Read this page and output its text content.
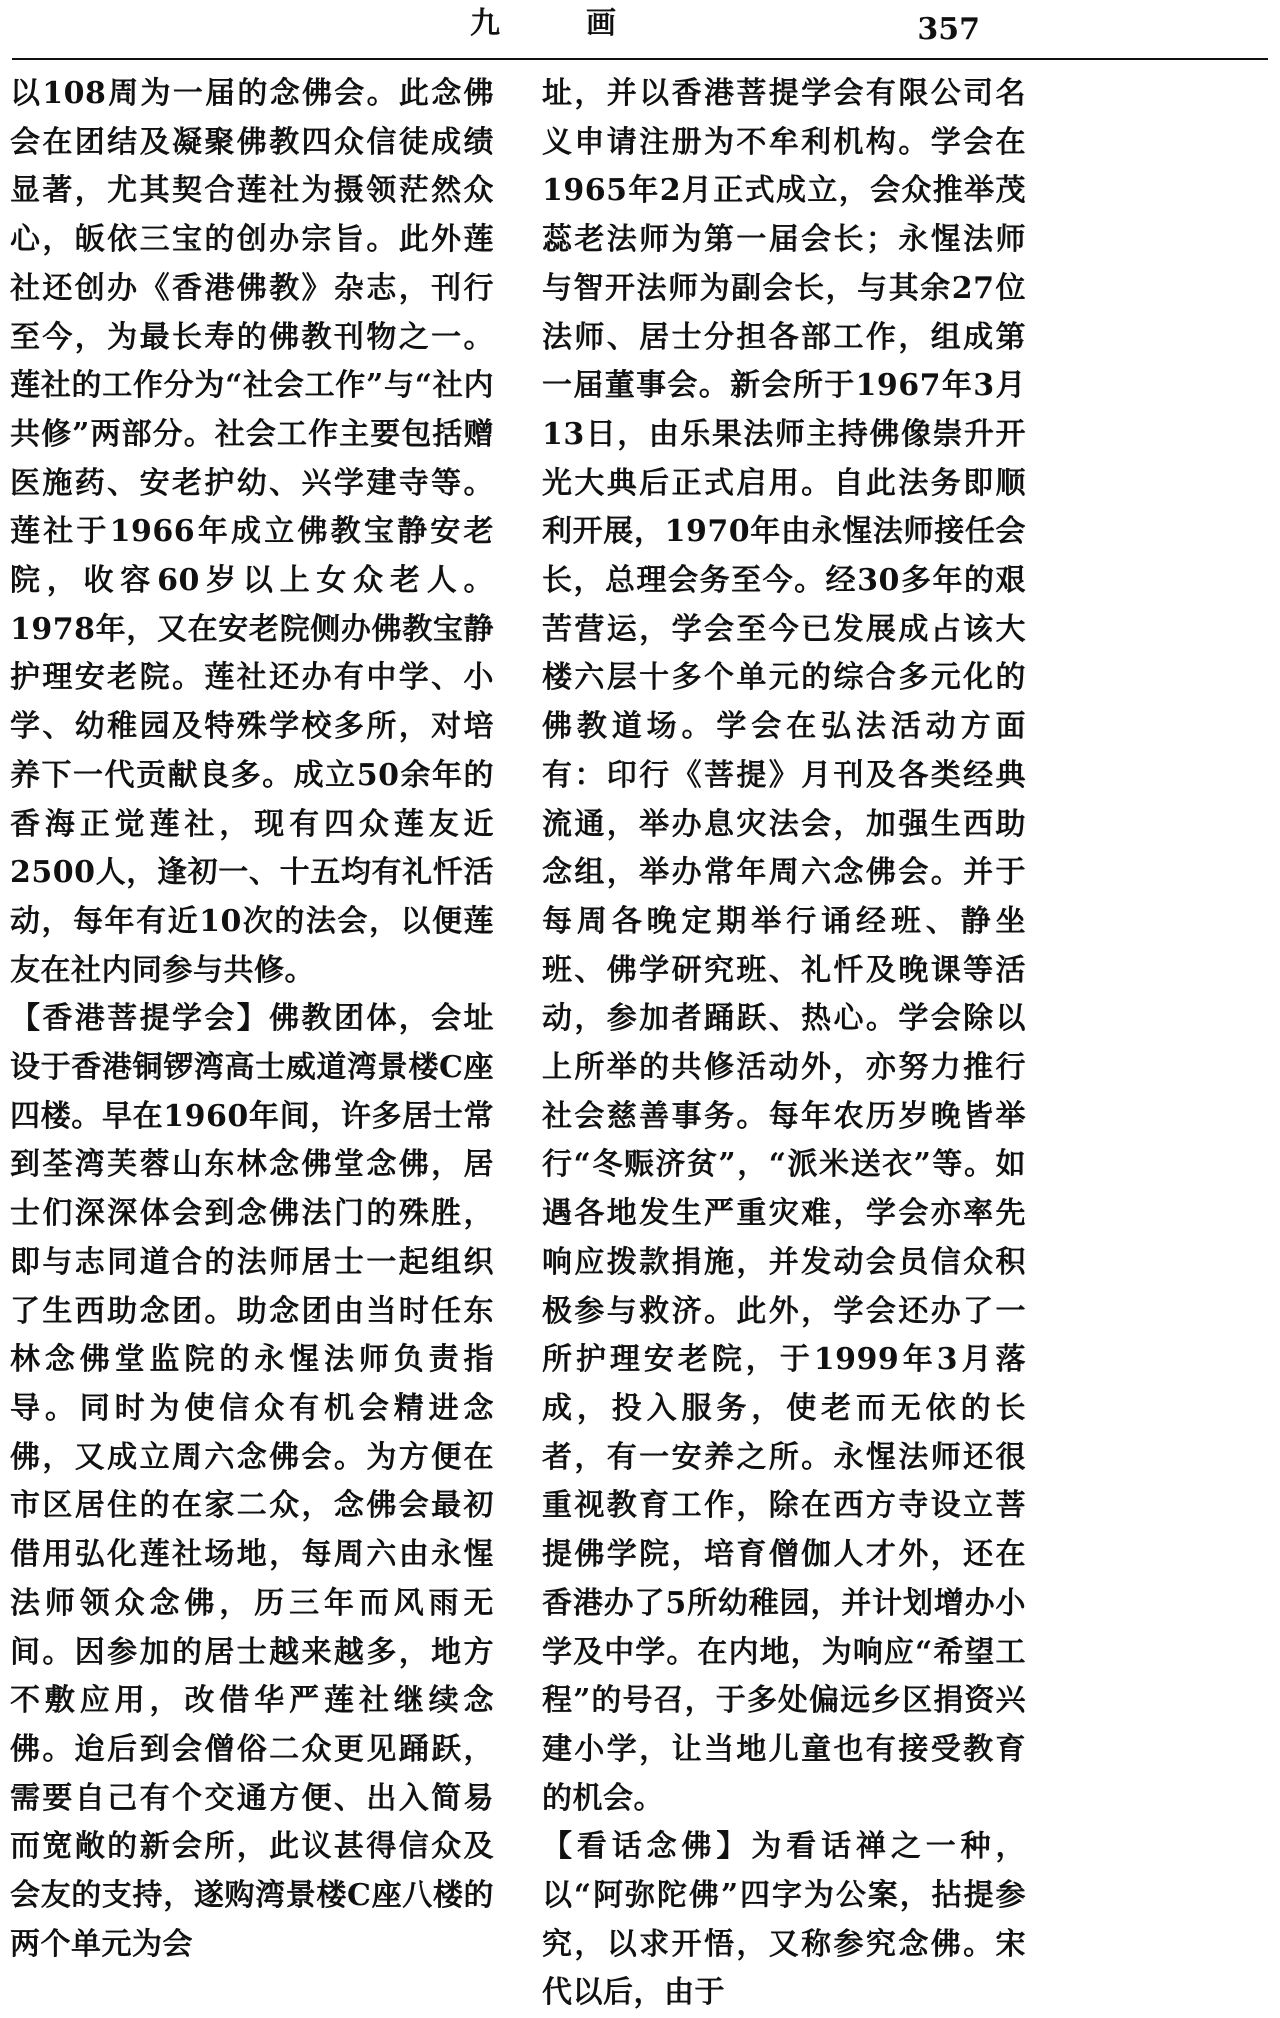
九　画	357

以108周为一届的念佛会。此念佛会在团结及凝聚佛教四众信徒成绩显著，尤其契合莲社为摄领茫然众心，皈依三宝的创办宗旨。此外莲社还创办《香港佛教》杂志，刊行至今，为最长寿的佛教刊物之一。莲社的工作分为“社会工作”与“社内共修”两部分。社会工作主要包括赠医施药、安老护幼、兴学建寺等。莲社于1966年成立佛教宝静安老院，收容60岁以上女众老人。1978年，又在安老院侧办佛教宝静护理安老院。莲社还办有中学、小学、幼稚园及特殊学校多所，对培养下一代贡献良多。成立50余年的香海正觉莲社，现有四众莲友近2500人，逢初一、十五均有礼忏活动，每年有近10次的法会，以便莲友在社内同参与共修。

【香港菩提学会】佛教团体，会址设于香港铜锣湾高士威道湾景楼C座四楼。早在1960年间，许多居士常到荃湾芙蓉山东林念佛堂念佛，居士们深深体会到念佛法门的殊胜，即与志同道合的法师居士一起组织了生西助念团。助念团由当时任东林念佛堂监院的永惺法师负责指导。同时为使信众有机会精进念佛，又成立周六念佛会。为方便在市区居住的在家二众，念佛会最初借用弘化莲社场地，每周六由永惺法师领众念佛，历三年而风雨无间。因参加的居士越来越多，地方不敷应用，改借华严莲社继续念佛。迨后到会僧俗二众更见踊跃，需要自己有个交通方便、出入简易而宽敞的新会所，此议甚得信众及会友的支持，遂购湾景楼C座八楼的两个单元为会

址，并以香港菩提学会有限公司名义申请注册为不牟利机构。学会在1965年2月正式成立，会众推举茂蕊老法师为第一届会长；永惺法师与智开法师为副会长，与其余27位法师、居士分担各部工作，组成第一届董事会。新会所于1967年3月13日，由乐果法师主持佛像崇升开光大典后正式启用。自此法务即顺利开展，1970年由永惺法师接任会长，总理会务至今。经30多年的艰苦营运，学会至今已发展成占该大楼六层十多个单元的综合多元化的佛教道场。学会在弘法活动方面有：印行《菩提》月刊及各类经典流通，举办息灾法会，加强生西助念组，举办常年周六念佛会。并于每周各晚定期举行诵经班、静坐班、佛学研究班、礼忏及晚课等活动，参加者踊跃、热心。学会除以上所举的共修活动外，亦努力推行社会慈善事务。每年农历岁晚皆举行“冬赈济贫”，“派米送衣”等。如遇各地发生严重灾难，学会亦率先响应拨款捐施，并发动会员信众积极参与救济。此外，学会还办了一所护理安老院，于1999年3月落成，投入服务，使老而无依的长者，有一安养之所。永惺法师还很重视教育工作，除在西方寺设立菩提佛学院，培育僧伽人才外，还在香港办了5所幼稚园，并计划增办小学及中学。在内地，为响应“希望工程”的号召，于多处偏远乡区捐资兴建小学，让当地儿童也有接受教育的机会。

【看话念佛】为看话禅之一种，以“阿弥陀佛”四字为公案，拈提参究，以求开悟，又称参究念佛。宋代以后，由于
